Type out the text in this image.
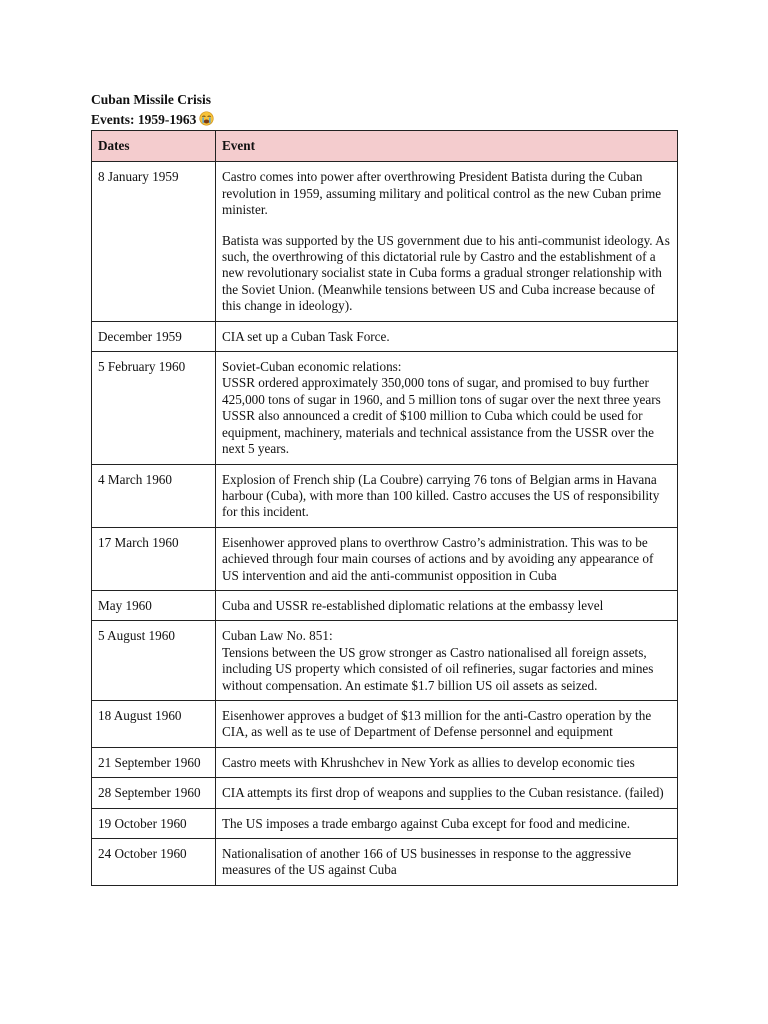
Cuban Missile Crisis
Events: 1959-1963
Dates	Event
8 January 1959	Castro comes into power after overthrowing President Batista during the Cuban revolution in 1959, assuming military and political control as the new Cuban prime minister.
Batista was supported by the US government due to his anti-communist ideology. As such, the overthrowing of this dictatorial rule by Castro and the establishment of a new revolutionary socialist state in Cuba forms a gradual stronger relationship with the Soviet Union. (Meanwhile tensions between US and Cuba increase because of this change in ideology).

December 1959	CIA set up a Cuban Task Force.

5 February 1960	Soviet-Cuban economic relations:
USSR ordered approximately 350,000 tons of sugar, and promised to buy further 425,000 tons of sugar in 1960, and 5 million tons of sugar over the next three years
USSR also announced a credit of $100 million to Cuba which could be used for equipment, machinery, materials and technical assistance from the USSR over the next 5 years.

4 March 1960	Explosion of French ship (La Coubre) carrying 76 tons of Belgian arms in Havana harbour (Cuba), with more than 100 killed. Castro accuses the US of responsibility for this incident.

17 March 1960	Eisenhower approved plans to overthrow Castro’s administration. This was to be achieved through four main courses of actions and by avoiding any appearance of US intervention and aid the anti-communist opposition in Cuba

May 1960	Cuba and USSR re-established diplomatic relations at the embassy level

5 August 1960	Cuban Law No. 851:
Tensions between the US grow stronger as Castro nationalised all foreign assets, including US property which consisted of oil refineries, sugar factories and mines without compensation. An estimate $1.7 billion US oil assets as seized.

18 August 1960	Eisenhower approves a budget of $13 million for the anti-Castro operation by the CIA, as well as te use of Department of Defense personnel and equipment

21 September 1960	Castro meets with Khrushchev in New York as allies to develop economic ties

28 September 1960	CIA attempts its first drop of weapons and supplies to the Cuban resistance. (failed)

19 October 1960	The US imposes a trade embargo against Cuba except for food and medicine.

24 October 1960	Nationalisation of another 166 of US businesses in response to the aggressive measures of the US against Cuba
